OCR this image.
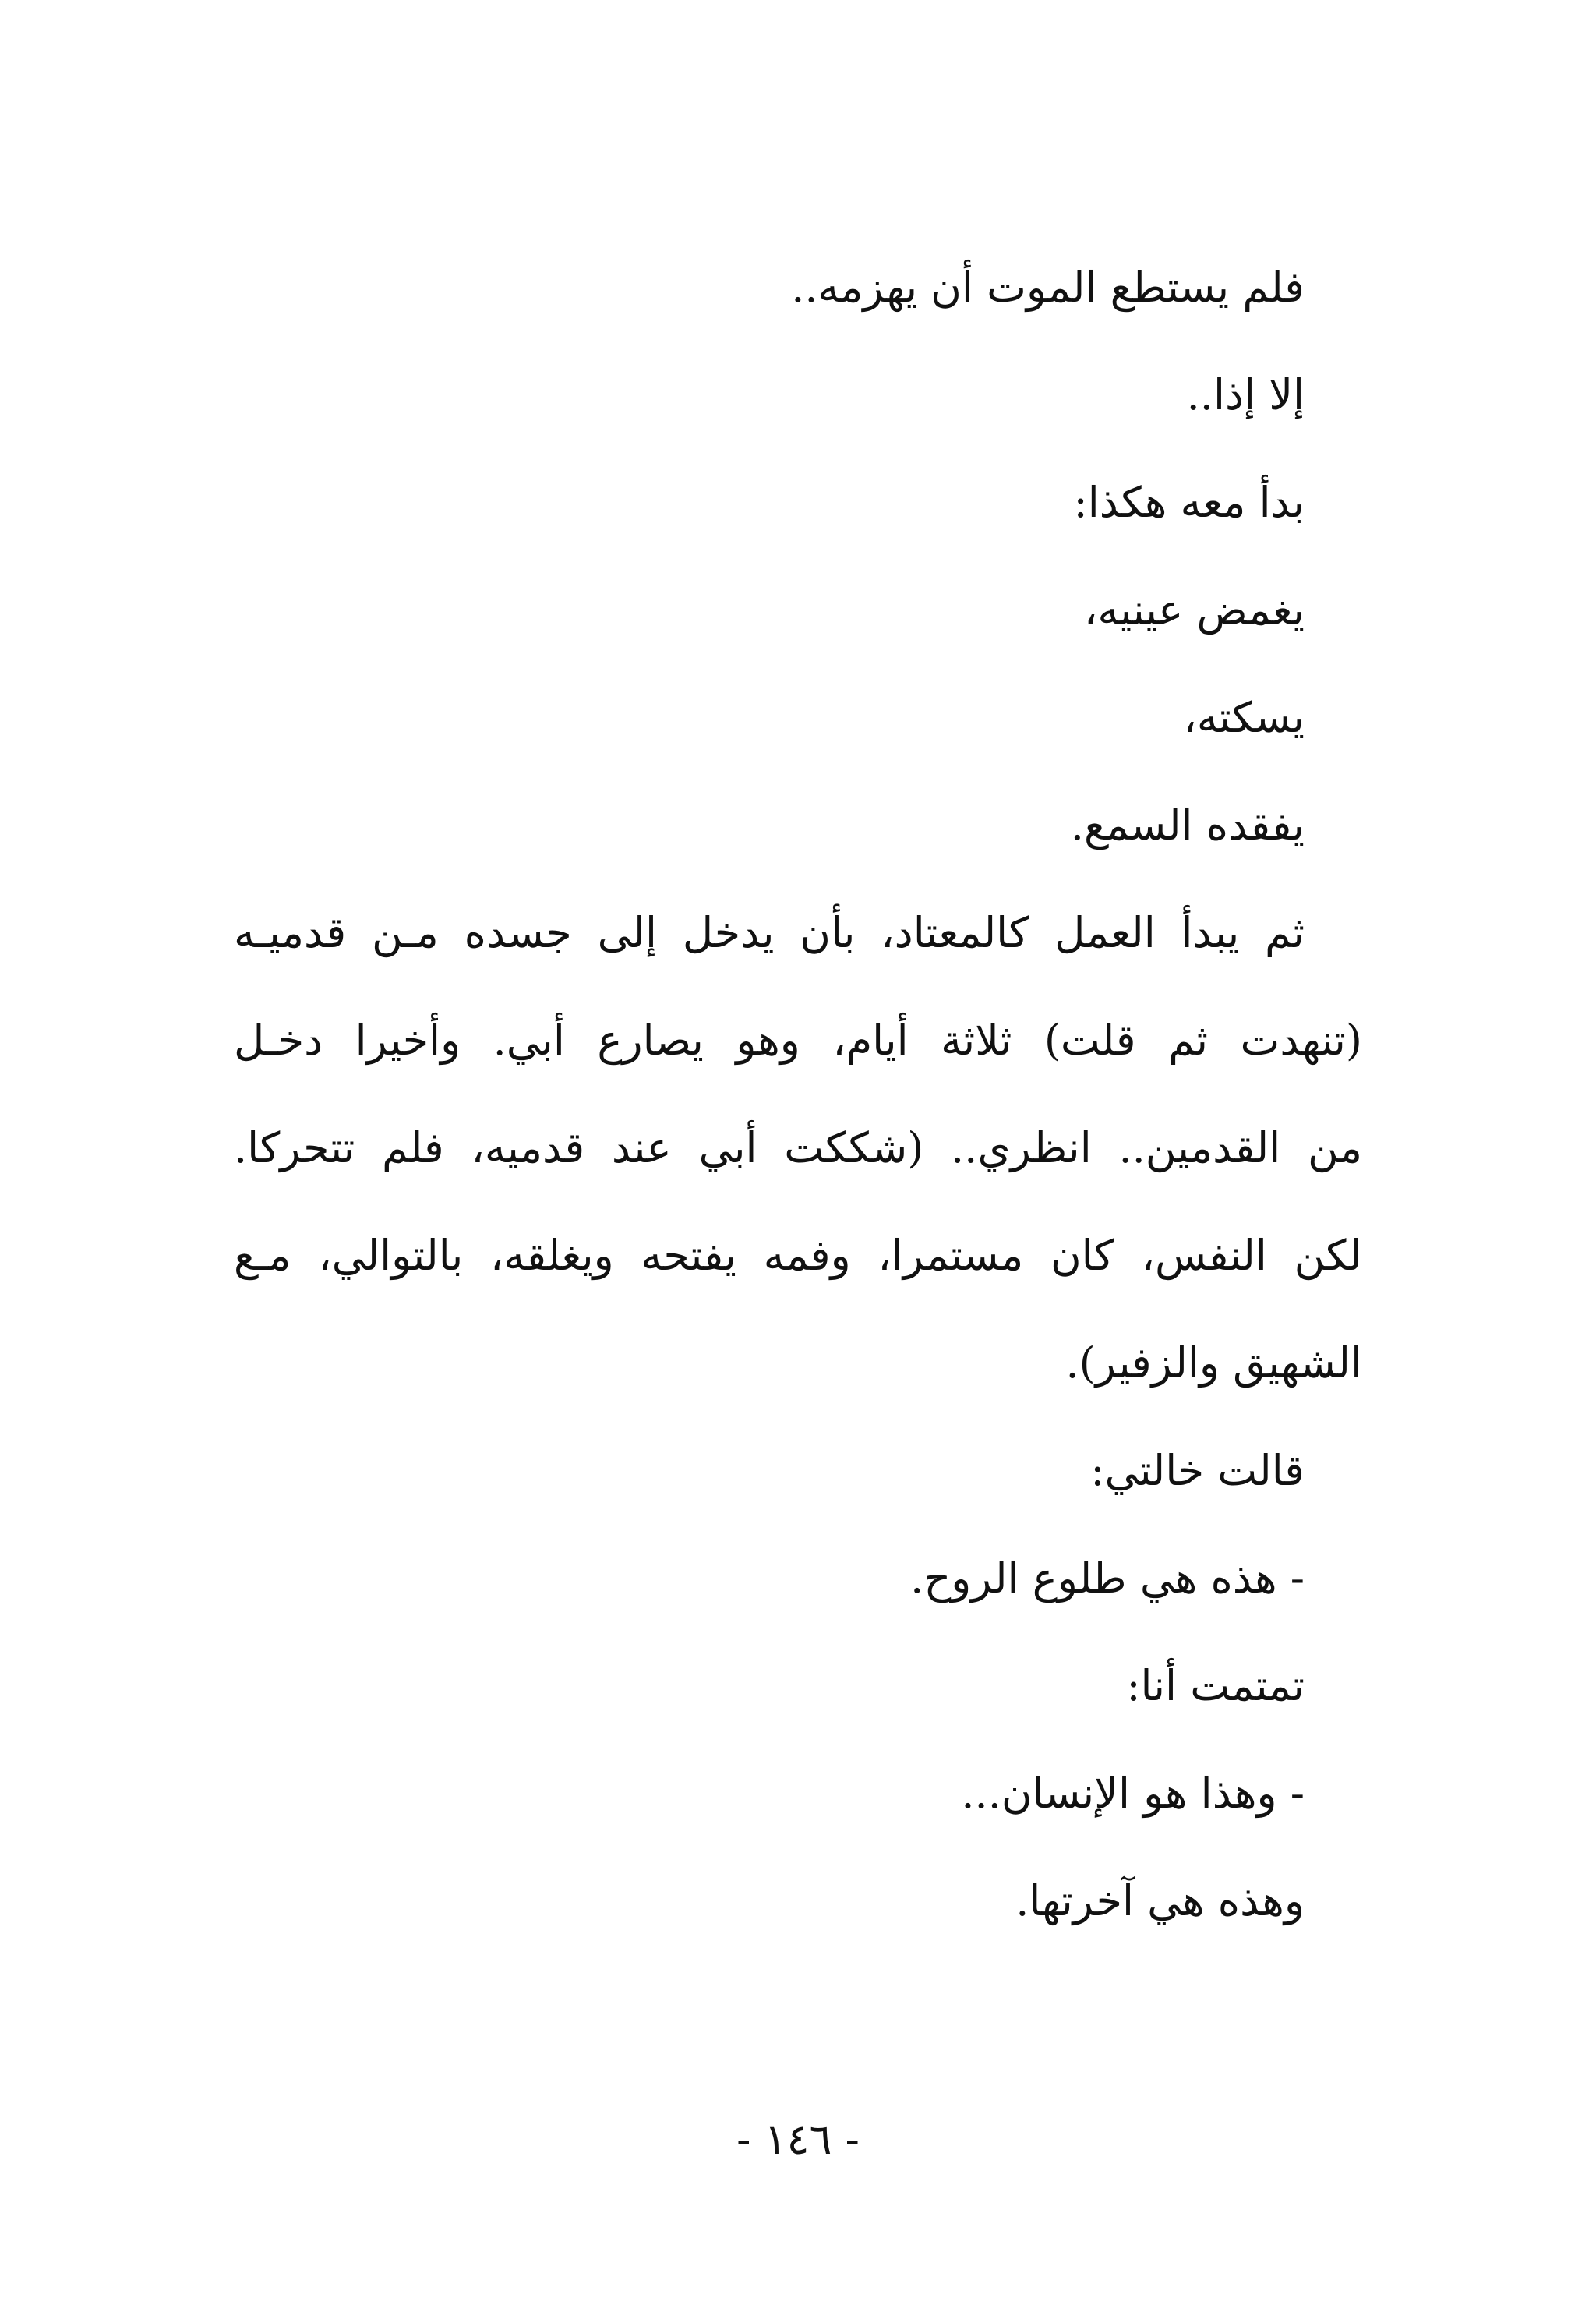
فلم يستطع الموت أن يهزمه..
إلا إذا..
بدأ معه هكذا:
يغمض عينيه،
يسكته،
يفقده السمع.
ثم يبدأ العمل كالمعتاد، بأن يدخل إلى جسده مـن قدميـه
(تنهدت ثم قلت) ثلاثة أيام، وهو يصارع أبي. وأخيرا دخـل
من القدمين.. انظري.. (شككت أبي عند قدميه، فلم تتحركا.
لكن النفس، كان مستمرا، وفمه يفتحه ويغلقه، بالتوالي، مـع
الشهيق والزفير).
قالت خالتي:
- هذه هي طلوع الروح.
تمتمت أنا:
- وهذا هو الإنسان...
وهذه هي آخرتها.
- ١٤٦ -
